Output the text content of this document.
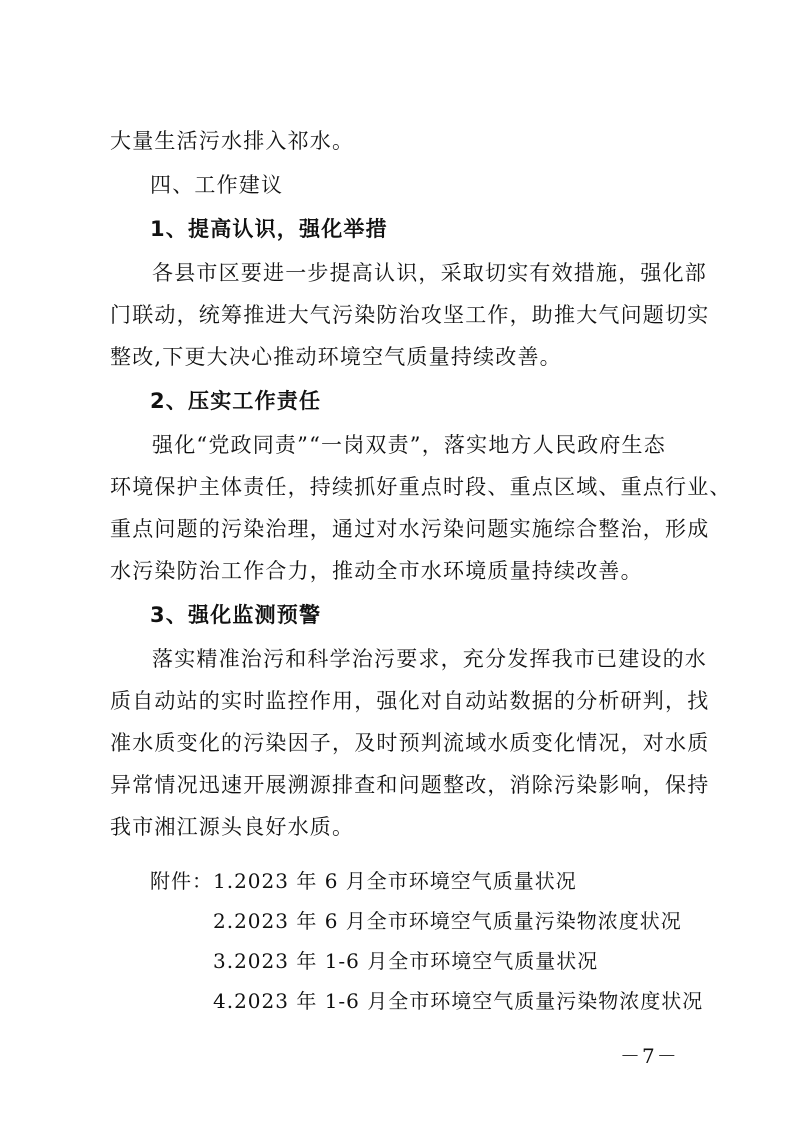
大量生活污水排入祁水。
四、工作建议
1、提高认识，强化举措
各县市区要进一步提高认识，采取切实有效措施，强化部
门联动，统筹推进大气污染防治攻坚工作，助推大气问题切实
整改,下更大决心推动环境空气质量持续改善。
2、压实工作责任
强化“党政同责”“一岗双责”，落实地方人民政府生态
环境保护主体责任，持续抓好重点时段、重点区域、重点行业、
重点问题的污染治理，通过对水污染问题实施综合整治，形成
水污染防治工作合力，推动全市水环境质量持续改善。
3、强化监测预警
落实精准治污和科学治污要求，充分发挥我市已建设的水
质自动站的实时监控作用，强化对自动站数据的分析研判，找
准水质变化的污染因子，及时预判流域水质变化情况，对水质
异常情况迅速开展溯源排查和问题整改，消除污染影响，保持
我市湘江源头良好水质。
附件： 1.2023 年 6 月全市环境空气质量状况
2.2023 年 6 月全市环境空气质量污染物浓度状况
3.2023 年 1-6 月全市环境空气质量状况
4.2023 年 1-6 月全市环境空气质量污染物浓度状况
－7－
